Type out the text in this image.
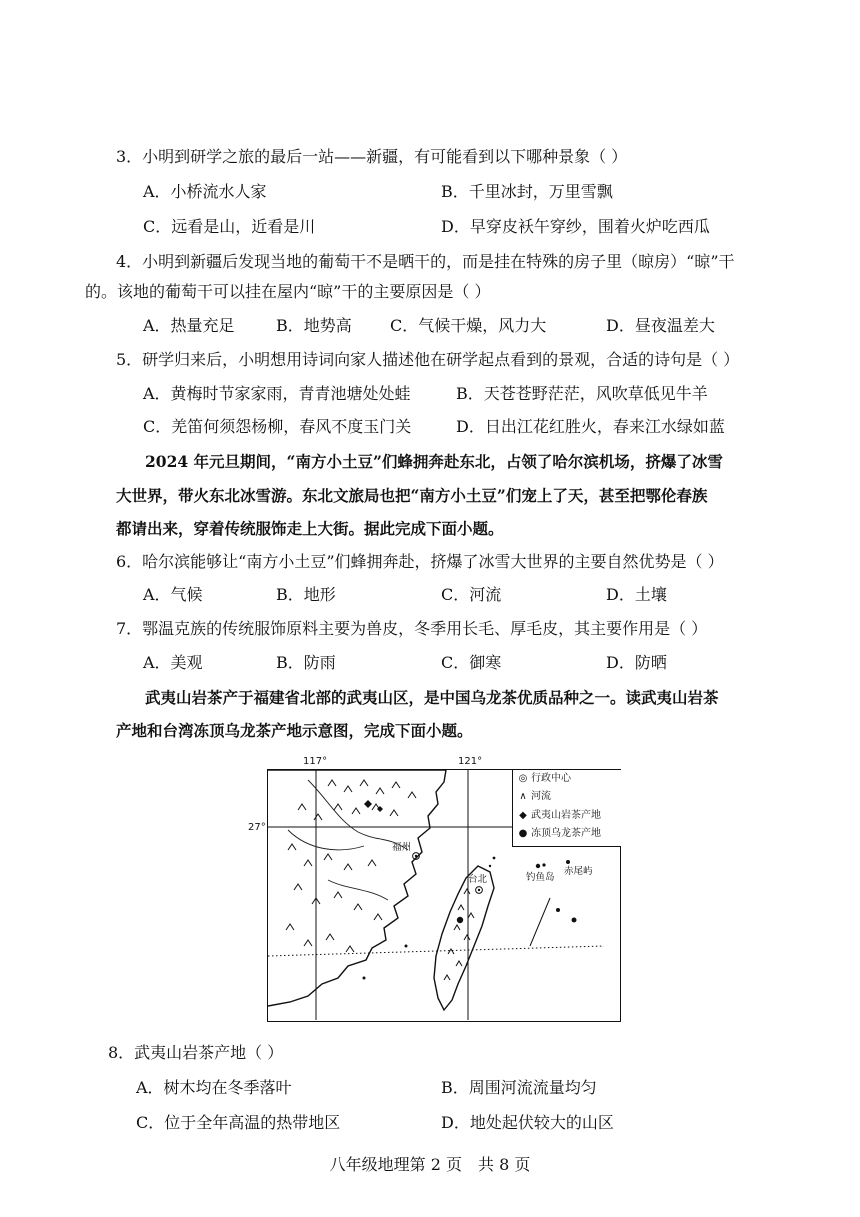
3．小明到研学之旅的最后一站——新疆，有可能看到以下哪种景象（ ）
A．小桥流水人家	B．千里冰封，万里雪飘
C．远看是山，近看是川	D．早穿皮袄午穿纱，围着火炉吃西瓜
4．小明到新疆后发现当地的葡萄干不是晒干的，而是挂在特殊的房子里（晾房）“晾”干
的。该地的葡萄干可以挂在屋内“晾”干的主要原因是（ ）
A．热量充足	B．地势高 C．气候干燥，风力大	D．昼夜温差大
5．研学归来后，小明想用诗词向家人描述他在研学起点看到的景观，合适的诗句是（ ）
A．黄梅时节家家雨，青青池塘处处蛙	B．天苍苍野茫茫，风吹草低见牛羊
C．羌笛何须怨杨柳，春风不度玉门关	D．日出江花红胜火，春来江水绿如蓝
2024 年元旦期间，“南方小土豆”们蜂拥奔赴东北，占领了哈尔滨机场，挤爆了冰雪
大世界，带火东北冰雪游。东北文旅局也把“南方小土豆”们宠上了天，甚至把鄂伦春族
都请出来，穿着传统服饰走上大街。据此完成下面小题。
6．哈尔滨能够让“南方小土豆”们蜂拥奔赴，挤爆了冰雪大世界的主要自然优势是（ ）
A．气候	B．地形	C．河流	D．土壤
7．鄂温克族的传统服饰原料主要为兽皮，冬季用长毛、厚毛皮，其主要作用是（ ）
A．美观	B．防雨	C．御寒	D．防晒
武夷山岩茶产于福建省北部的武夷山区，是中国乌龙茶优质品种之一。读武夷山岩茶
产地和台湾冻顶乌龙茶产地示意图，完成下面小题。
117°	121°
27°
◎ 行政中心
∧ 河流
◆ 武夷山岩茶产地
● 冻顶乌龙茶产地
福州
台北	钓鱼岛
赤尾屿
8．武夷山岩茶产地（ ）
A．树木均在冬季落叶	B．周围河流流量均匀
C．位于全年高温的热带地区	D．地处起伏较大的山区
八年级地理第 2 页　共 8 页
